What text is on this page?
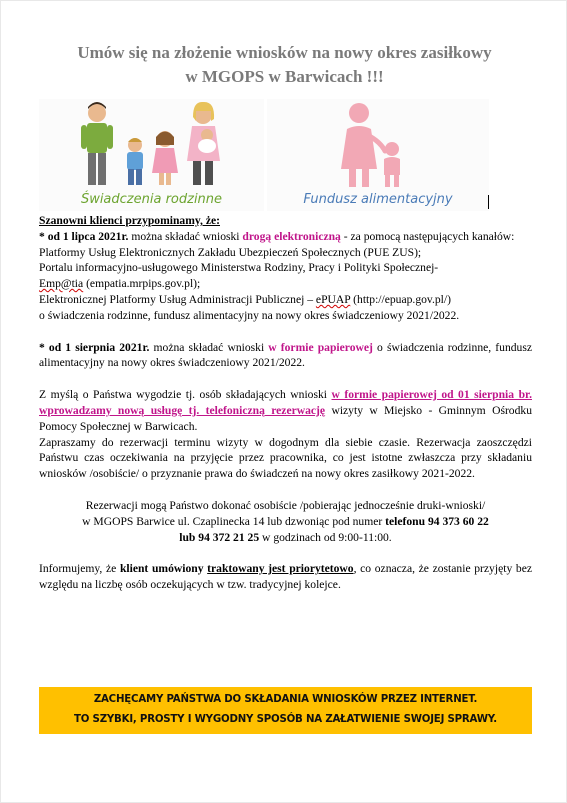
Umów się na złożenie wniosków na nowy okres zasiłkowy
w MGOPS w Barwicach !!!
Świadczenia rodzinne	Fundusz alimentacyjny

Szanowni klienci przypominamy, że:

* od 1 lipca 2021r. można składać wnioski drogą elektroniczną - za pomocą następujących kanałów:

Platformy Usług Elektronicznych Zakładu Ubezpieczeń Społecznych (PUE ZUS);

Portalu informacyjno-usługowego Ministerstwa Rodziny, Pracy i Polityki Społecznej-
Emp@tia (empatia.mrpips.gov.pl);

Elektronicznej Platformy Usług Administracji Publicznej – ePUAP (http://epuap.gov.pl/)

o świadczenia rodzinne, fundusz alimentacyjny na nowy okres świadczeniowy 2021/2022.

* od 1 sierpnia 2021r. można składać wnioski w formie papierowej o świadczenia rodzinne, fundusz alimentacyjny na nowy okres świadczeniowy 2021/2022.

Z myślą o Państwa wygodzie tj. osób składających wnioski w formie papierowej od 01 sierpnia br. wprowadzamy nową usługę tj. telefoniczną rezerwację wizyty w Miejsko - Gminnym Ośrodku Pomocy Społecznej w Barwicach.

Zapraszamy do rezerwacji terminu wizyty w dogodnym dla siebie czasie. Rezerwacja zaoszczędzi Państwu czas oczekiwania na przyjęcie przez pracownika, co jest istotne zwłaszcza przy składaniu wniosków /osobiście/ o przyznanie prawa do świadczeń na nowy okres zasiłkowy 2021-2022.

Rezerwacji mogą Państwo dokonać osobiście /pobierając jednocześnie druki-wnioski/
w MGOPS Barwice ul. Czaplinecka 14 lub dzwoniąc pod numer telefonu 94 373 60 22
lub 94 372 21 25 w godzinach od 9:00-11:00.

Informujemy, że klient umówiony traktowany jest priorytetowo, co oznacza, że zostanie przyjęty bez względu na liczbę osób oczekujących w tzw. tradycyjnej kolejce.

ZACHĘCAMY PAŃSTWA DO SKŁADANIA WNIOSKÓW PRZEZ INTERNET.
TO SZYBKI, PROSTY I WYGODNY SPOSÓB NA ZAŁATWIENIE SWOJEJ SPRAWY.
